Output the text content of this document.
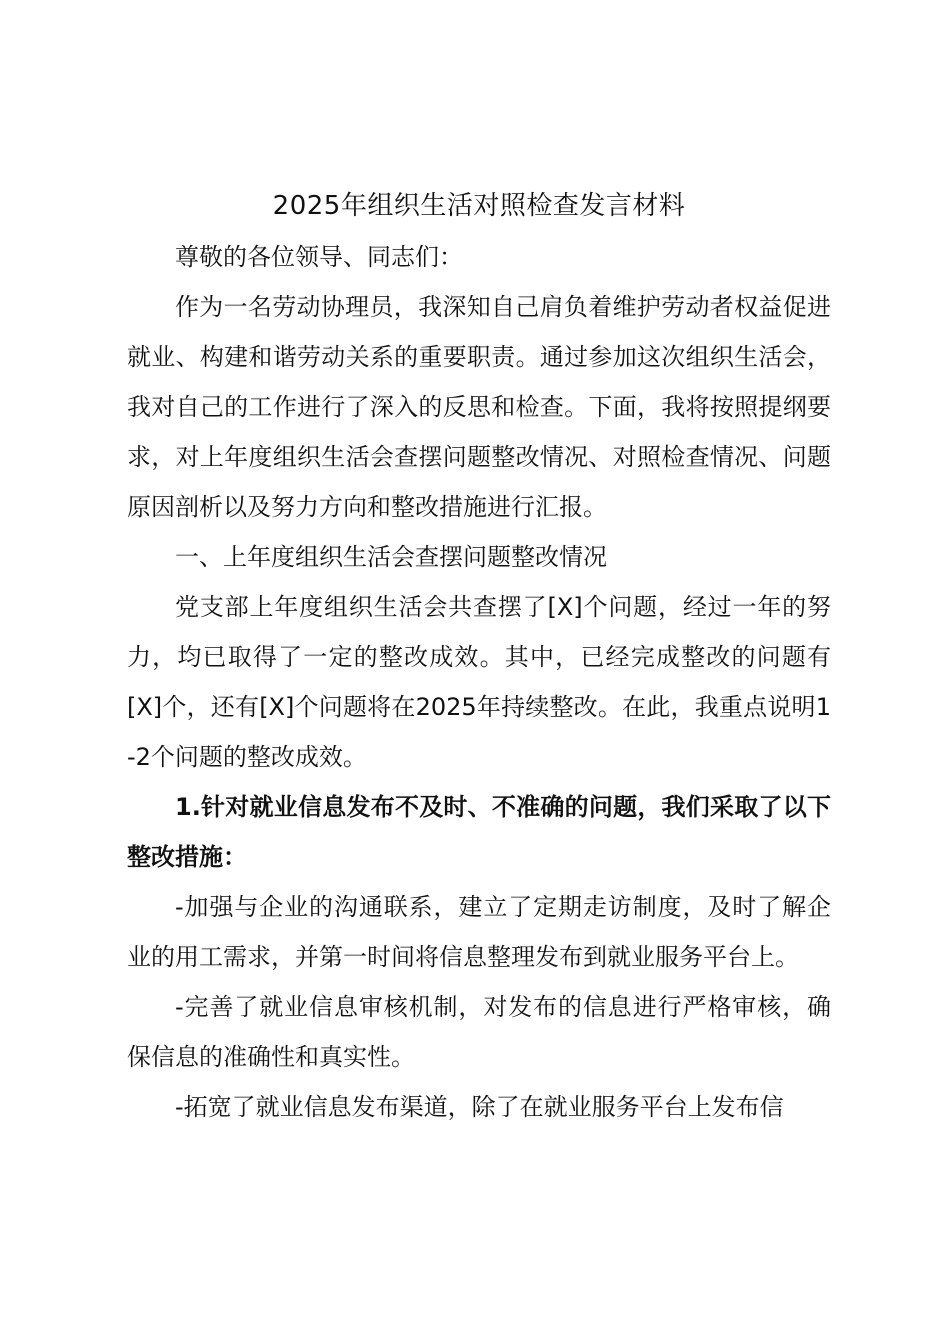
2025年组织生活对照检查发言材料

尊敬的各位领导、同志们：

作为一名劳动协理员，我深知自己肩负着维护劳动者权益促进就业、构建和谐劳动关系的重要职责。通过参加这次组织生活会，我对自己的工作进行了深入的反思和检查。下面，我将按照提纲要求，对上年度组织生活会查摆问题整改情况、对照检查情况、问题原因剖析以及努力方向和整改措施进行汇报。

一、上年度组织生活会查摆问题整改情况

党支部上年度组织生活会共查摆了[X]个问题，经过一年的努力，均已取得了一定的整改成效。其中，已经完成整改的问题有[X]个，还有[X]个问题将在2025年持续整改。在此，我重点说明1-2个问题的整改成效。

1.针对就业信息发布不及时、不准确的问题，我们采取了以下整改措施：

-加强与企业的沟通联系，建立了定期走访制度，及时了解企业的用工需求，并第一时间将信息整理发布到就业服务平台上。

-完善了就业信息审核机制，对发布的信息进行严格审核，确保信息的准确性和真实性。

-拓宽了就业信息发布渠道，除了在就业服务平台上发布信
